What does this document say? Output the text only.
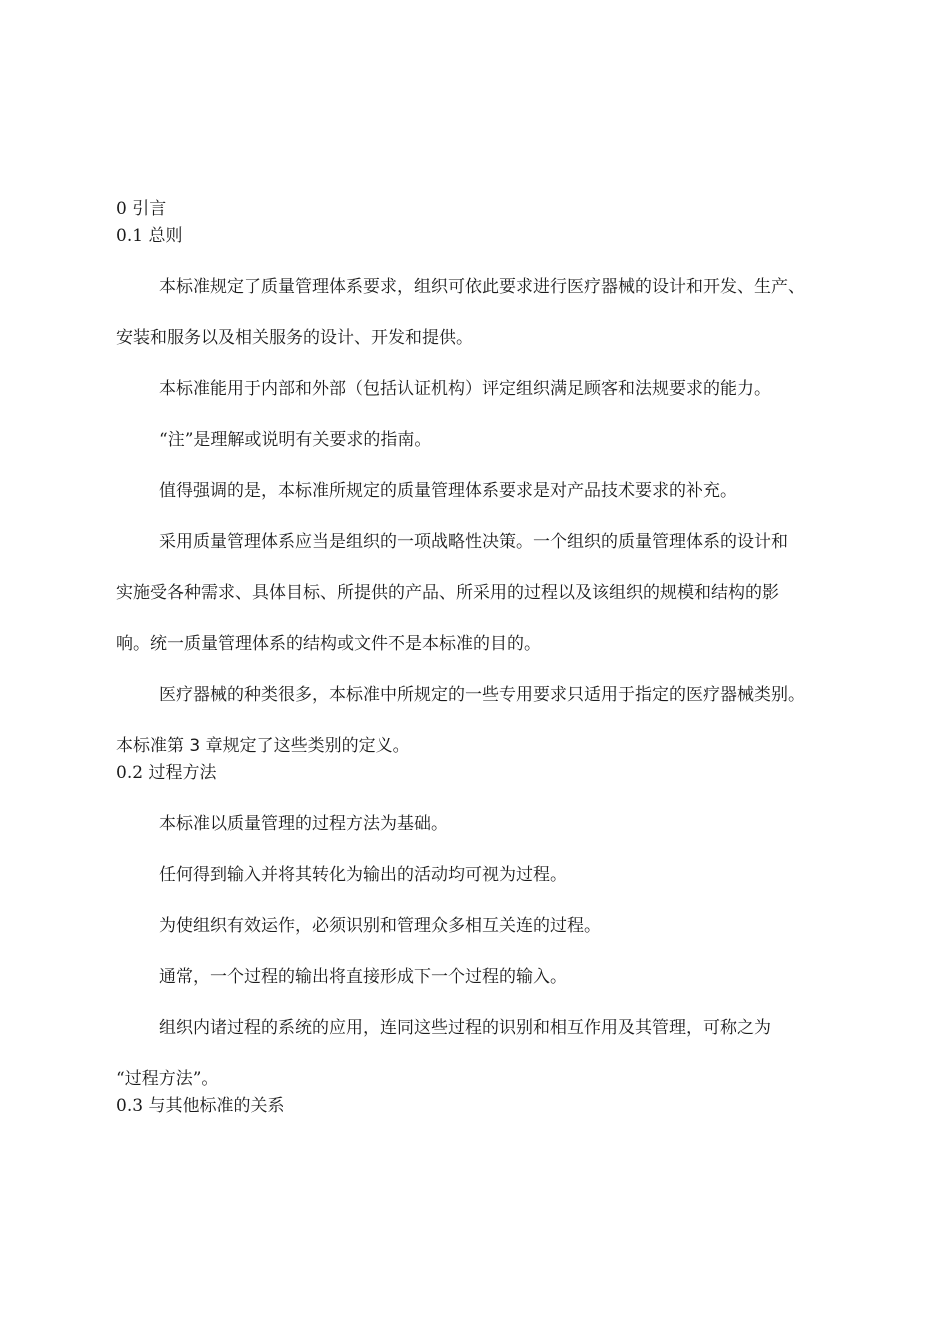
0 引言

0.1 总则

本标准规定了质量管理体系要求，组织可依此要求进行医疗器械的设计和开发、生产、

安装和服务以及相关服务的设计、开发和提供。

本标准能用于内部和外部（包括认证机构）评定组织满足顾客和法规要求的能力。

“注”是理解或说明有关要求的指南。

值得强调的是，本标准所规定的质量管理体系要求是对产品技术要求的补充。

采用质量管理体系应当是组织的一项战略性决策。一个组织的质量管理体系的设计和

实施受各种需求、具体目标、所提供的产品、所采用的过程以及该组织的规模和结构的影

响。统一质量管理体系的结构或文件不是本标准的目的。

医疗器械的种类很多，本标准中所规定的一些专用要求只适用于指定的医疗器械类别。

本标准第 3 章规定了这些类别的定义。

0.2 过程方法

本标准以质量管理的过程方法为基础。

任何得到输入并将其转化为输出的活动均可视为过程。

为使组织有效运作，必须识别和管理众多相互关连的过程。

通常，一个过程的输出将直接形成下一个过程的输入。

组织内诸过程的系统的应用，连同这些过程的识别和相互作用及其管理，可称之为

“过程方法”。

0.3 与其他标准的关系
